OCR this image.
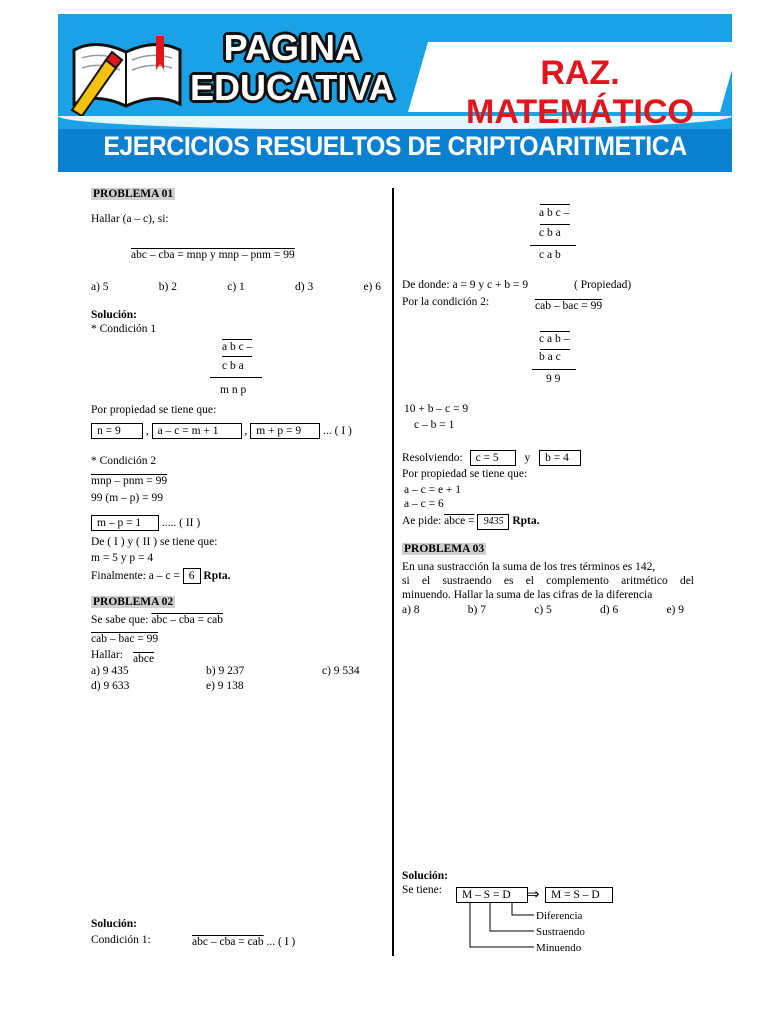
PAGINA
EDUCATIVA	RAZ. MATEMÁTICO
EJERCICIOS RESUELTOS DE CRIPTOARITMETICA
PROBLEMA 01
Hallar (a – c), si:
abc – cba = mnp y mnp – pnm = 99
a) 5	b) 2	c) 1	d) 3	e) 6
Solución:
* Condición 1
a b c –
c b a
m n p
Por propiedad se tiene que:
n = 9 , a – c = m + 1 , m + p = 9 ... ( I )
* Condición 2
mnp – pnm = 99
99 (m – p) = 99
m – p = 1 ..... ( II )
De ( I ) y ( II ) se tiene que:
m = 5 y p = 4
Finalmente: a – c = 6 Rpta.
PROBLEMA 02
Se sabe que: abc – cba = cab
cab – bac = 99
Hallar: abce
a) 9 435	b) 9 237	c) 9 534
d) 9 633	e) 9 138
Solución:
Condición 1:	abc – cba = cab ... ( I )
a b c –
c b a
c a b
De donde: a = 9 y c + b = 9	( Propiedad)
Por la condición 2:	cab – bac = 99
c a b –
b a c
9 9
10 + b – c = 9
c – b = 1
Resolviendo: c = 5 y b = 4
Por propiedad se tiene que:
a – c = e + 1
a – c = 6
Ae pide: abce = 9435 Rpta.
PROBLEMA 03
En una sustracción la suma de los tres términos es 142,
si el sustraendo es el complemento aritmético del
minuendo. Hallar la suma de las cifras de la diferencia
a) 8	b) 7	c) 5	d) 6	e) 9
Solución:
Se tiene:	M – S = D	⇒ M = S – D
Diferencia
Sustraendo
Minuendo
